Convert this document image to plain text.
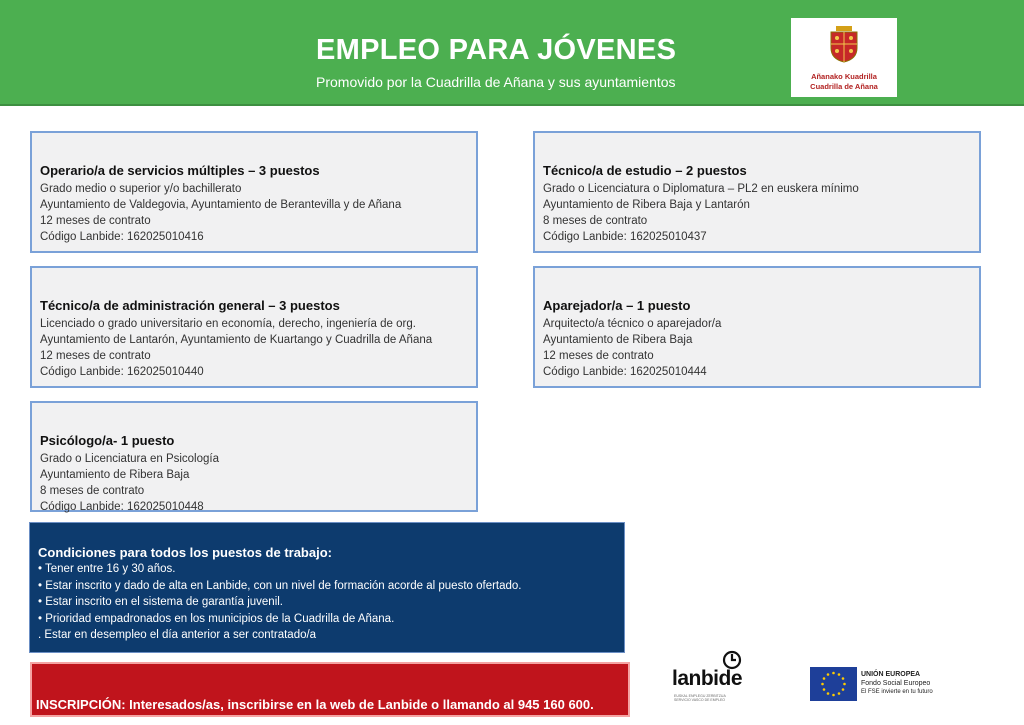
EMPLEO PARA JÓVENES
Promovido por la Cuadrilla de Añana y sus ayuntamientos	Añanako Kuadrilla
Cuadrilla de Añana
Operario/a de servicios múltiples – 3 puestos
Grado medio o superior y/o bachillerato
Ayuntamiento de Valdegovia, Ayuntamiento de Berantevilla y de Añana
12 meses de contrato
Código Lanbide: 162025010416
Técnico/a de estudio – 2 puestos
Grado o Licenciatura o Diplomatura – PL2 en euskera mínimo
Ayuntamiento de Ribera Baja y Lantarón
8 meses de contrato
Código Lanbide: 162025010437
Técnico/a de administración general – 3 puestos
Licenciado o grado universitario en economía, derecho, ingeniería de org.
Ayuntamiento de Lantarón, Ayuntamiento de Kuartango y Cuadrilla de Añana
12 meses de contrato
Código Lanbide: 162025010440
Aparejador/a – 1 puesto
Arquitecto/a técnico o aparejador/a
Ayuntamiento de Ribera Baja
12 meses de contrato
Código Lanbide: 162025010444
Psicólogo/a- 1 puesto
Grado o Licenciatura en Psicología
Ayuntamiento de Ribera Baja
8 meses de contrato
Código Lanbide: 162025010448
Condiciones para todos los puestos de trabajo:
• Tener entre 16 y 30 años.
• Estar inscrito y dado de alta en Lanbide, con un nivel de formación acorde al puesto ofertado.
• Estar inscrito en el sistema de garantía juvenil.
• Prioridad empadronados en los municipios de la Cuadrilla de Añana.
. Estar en desempleo el día anterior a ser contratado/a
INSCRIPCIÓN: Interesados/as, inscribirse en la web de Lanbide o llamando al 945 160 600.
lanbide
EUSKAL ENPLEGU ZERBITZUA
SERVICIO VASCO DE EMPLEO
UNIÓN EUROPEA
Fondo Social Europeo
El FSE invierte en tu futuro
